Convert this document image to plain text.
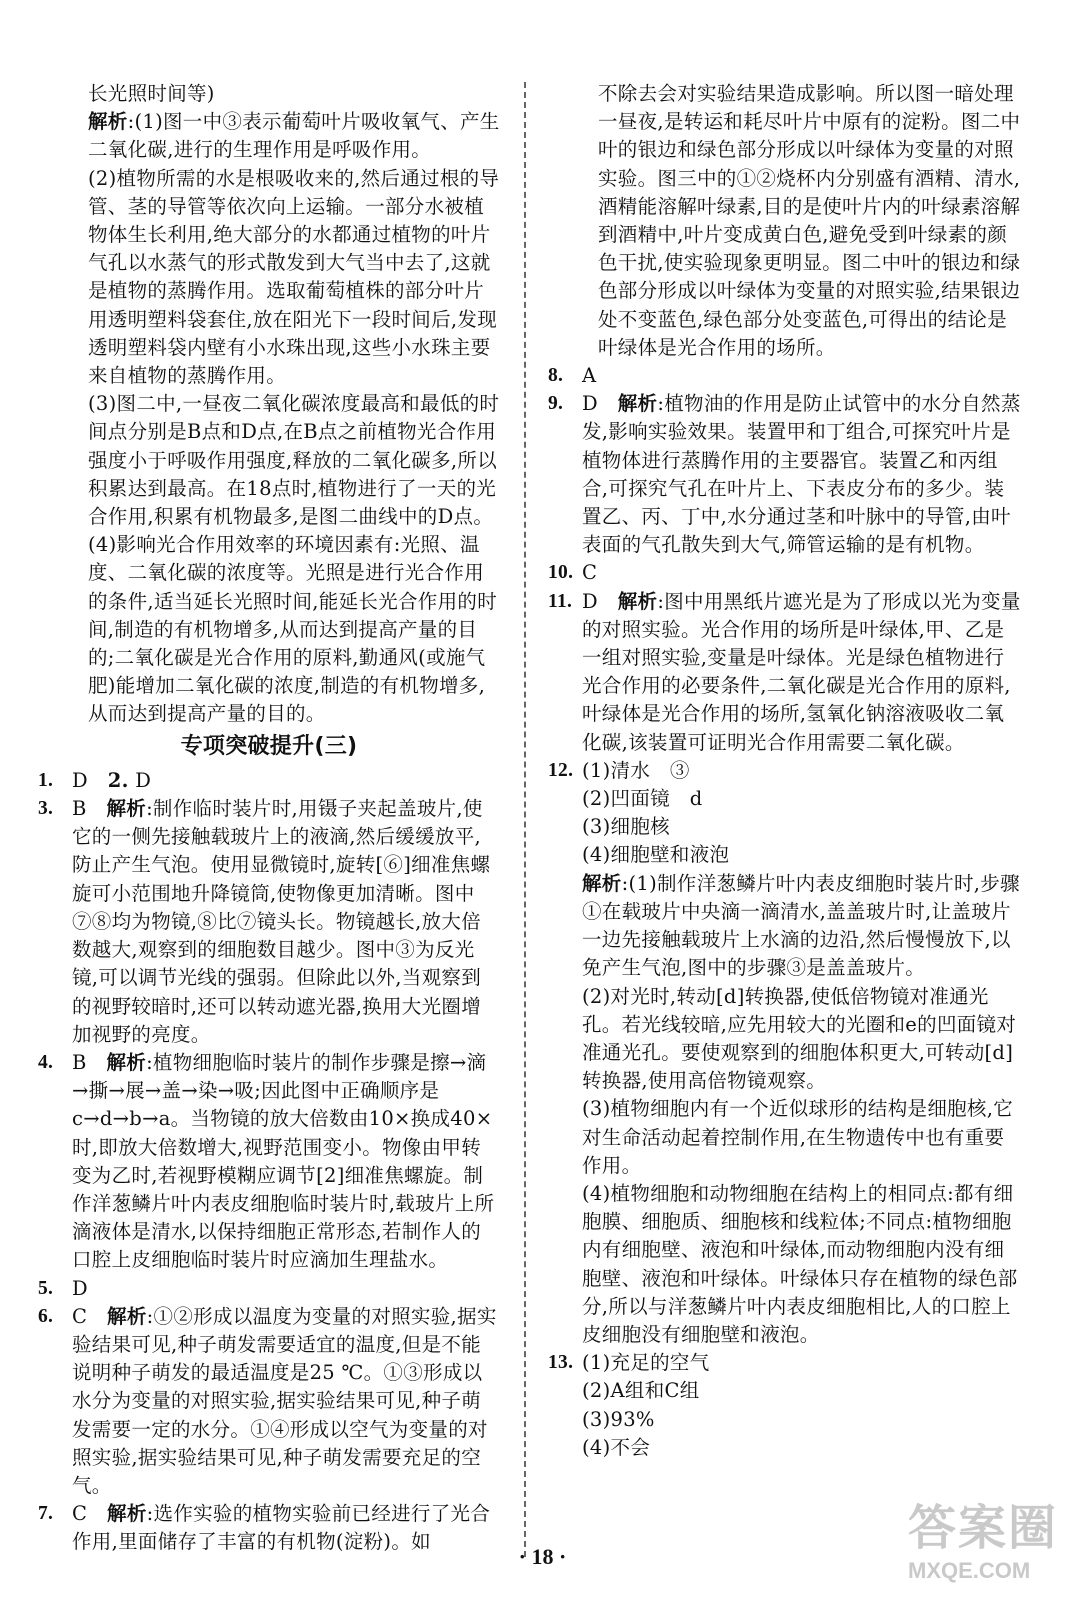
长光照时间等)

解析:(1)图一中③表示葡萄叶片吸收氧气、产生二氧化碳,进行的生理作用是呼吸作用。

(2)植物所需的水是根吸收来的,然后通过根的导管、茎的导管等依次向上运输。一部分水被植物体生长利用,绝大部分的水都通过植物的叶片气孔以水蒸气的形式散发到大气当中去了,这就是植物的蒸腾作用。选取葡萄植株的部分叶片用透明塑料袋套住,放在阳光下一段时间后,发现透明塑料袋内壁有小水珠出现,这些小水珠主要来自植物的蒸腾作用。

(3)图二中,一昼夜二氧化碳浓度最高和最低的时间点分别是B点和D点,在B点之前植物光合作用强度小于呼吸作用强度,释放的二氧化碳多,所以积累达到最高。在18点时,植物进行了一天的光合作用,积累有机物最多,是图二曲线中的D点。

(4)影响光合作用效率的环境因素有:光照、温度、二氧化碳的浓度等。光照是进行光合作用的条件,适当延长光照时间,能延长光合作用的时间,制造的有机物增多,从而达到提高产量的目的;二氧化碳是光合作用的原料,勤通风(或施气肥)能增加二氧化碳的浓度,制造的有机物增多,从而达到提高产量的目的。

专项突破提升(三)
1. D　 2. D
3. B　 解析:制作临时装片时,用镊子夹起盖玻片,使它的一侧先接触载玻片上的液滴,然后缓缓放平,防止产生气泡。使用显微镜时,旋转[⑥]细准焦螺旋可小范围地升降镜筒,使物像更加清晰。图中⑦⑧均为物镜,⑧比⑦镜头长。物镜越长,放大倍数越大,观察到的细胞数目越少。图中③为反光镜,可以调节光线的强弱。但除此以外,当观察到的视野较暗时,还可以转动遮光器,换用大光圈增加视野的亮度。
4. B　 解析:植物细胞临时装片的制作步骤是擦→滴→撕→展→盖→染→吸;因此图中正确顺序是c→d→b→a。当物镜的放大倍数由10×换成40×时,即放大倍数增大,视野范围变小。物像由甲转变为乙时,若视野模糊应调节[2]细准焦螺旋。制作洋葱鳞片叶内表皮细胞临时装片时,载玻片上所滴液体是清水,以保持细胞正常形态,若制作人的口腔上皮细胞临时装片时应滴加生理盐水。
5. D
6. C　 解析:①②形成以温度为变量的对照实验,据实验结果可见,种子萌发需要适宜的温度,但是不能说明种子萌发的最适温度是25 ℃。①③形成以水分为变量的对照实验,据实验结果可见,种子萌发需要一定的水分。①④形成以空气为变量的对照实验,据实验结果可见,种子萌发需要充足的空气。
7. C　 解析:选作实验的植物实验前已经进行了光合作用,里面储存了丰富的有机物(淀粉)。如

不除去会对实验结果造成影响。所以图一暗处理一昼夜,是转运和耗尽叶片中原有的淀粉。图二中叶的银边和绿色部分形成以叶绿体为变量的对照实验。图三中的①②烧杯内分别盛有酒精、清水,酒精能溶解叶绿素,目的是使叶片内的叶绿素溶解到酒精中,叶片变成黄白色,避免受到叶绿素的颜色干扰,使实验现象更明显。图二中叶的银边和绿色部分形成以叶绿体为变量的对照实验,结果银边处不变蓝色,绿色部分处变蓝色,可得出的结论是叶绿体是光合作用的场所。

8. A
9. D　 解析:植物油的作用是防止试管中的水分自然蒸发,影响实验效果。装置甲和丁组合,可探究叶片是植物体进行蒸腾作用的主要器官。装置乙和丙组合,可探究气孔在叶片上、下表皮分布的多少。装置乙、丙、丁中,水分通过茎和叶脉中的导管,由叶表面的气孔散失到大气,筛管运输的是有机物。
10. C
11. D　 解析:图中用黑纸片遮光是为了形成以光为变量的对照实验。光合作用的场所是叶绿体,甲、乙是一组对照实验,变量是叶绿体。光是绿色植物进行光合作用的必要条件,二氧化碳是光合作用的原料,叶绿体是光合作用的场所,氢氧化钠溶液吸收二氧化碳,该装置可证明光合作用需要二氧化碳。
12. (1)清水　③
(2)凹面镜　d
(3)细胞核
(4)细胞壁和液泡
解析:(1)制作洋葱鳞片叶内表皮细胞时装片时,步骤①在载玻片中央滴一滴清水,盖盖玻片时,让盖玻片一边先接触载玻片上水滴的边沿,然后慢慢放下,以免产生气泡,图中的步骤③是盖盖玻片。
(2)对光时,转动[d]转换器,使低倍物镜对准通光孔。若光线较暗,应先用较大的光圈和e的凹面镜对准通光孔。要使观察到的细胞体积更大,可转动[d]转换器,使用高倍物镜观察。
(3)植物细胞内有一个近似球形的结构是细胞核,它对生命活动起着控制作用,在生物遗传中也有重要作用。
(4)植物细胞和动物细胞在结构上的相同点:都有细胞膜、细胞质、细胞核和线粒体;不同点:植物细胞内有细胞壁、液泡和叶绿体,而动物细胞内没有细胞壁、液泡和叶绿体。叶绿体只存在植物的绿色部分,所以与洋葱鳞片叶内表皮细胞相比,人的口腔上皮细胞没有细胞壁和液泡。
13. (1)充足的空气
(2)A组和C组
(3)93%
(4)不会
· 18 ·
答案圈
MXQE.COM
